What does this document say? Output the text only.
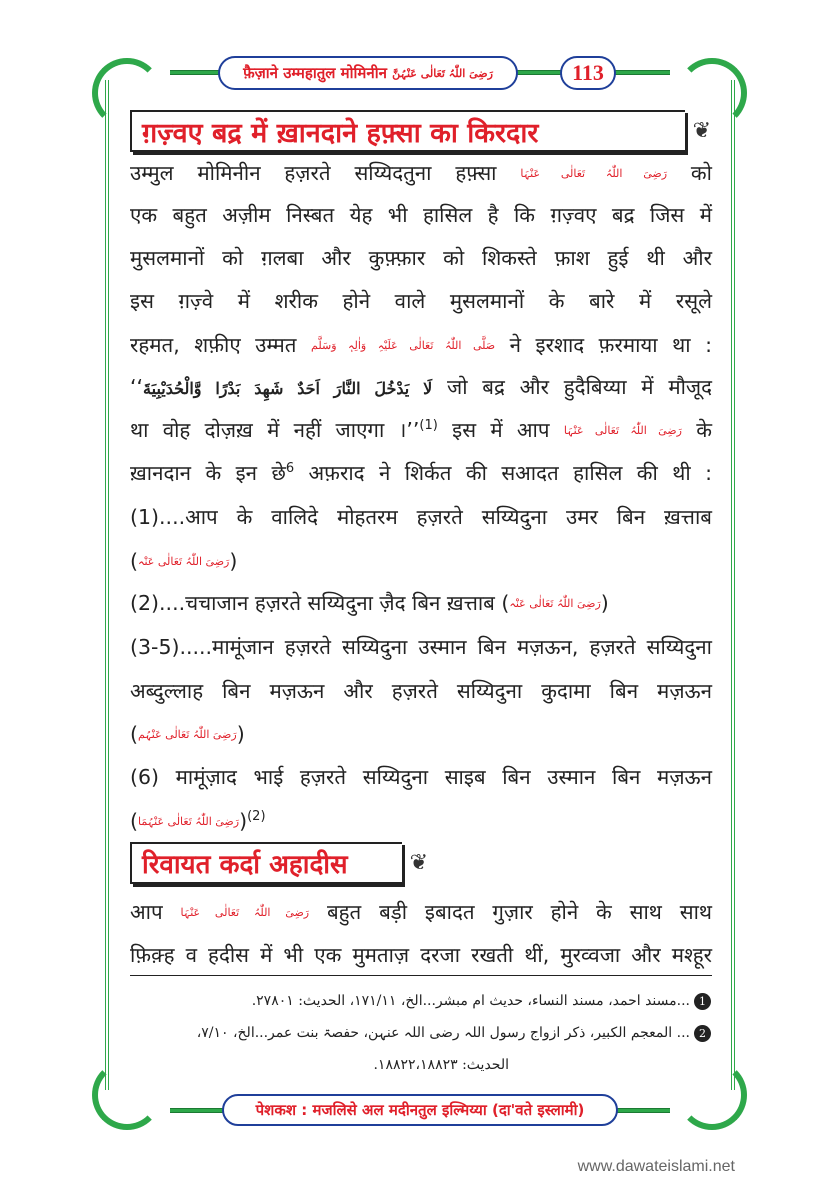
फ़ैज़ाने उम्महातुल मोमिनीन
رَضِیَ اللّٰہُ تَعَالٰی عَنْہُنَّ	113
ग़ज़्वए बद्र में ख़ानदाने हफ़्सा का किरदार	❦
उम्मुल मोमिनीन हज़रते सय्यिदतुना हफ़्सा رَضِیَ اللّٰہُ تَعَالٰی عَنْہَا को
एक बहुत अज़ीम निस्बत येह भी हासिल है कि ग़ज़्वए बद्र जिस में
मुसलमानों को ग़लबा और कुफ़्फ़ार को शिकस्ते फ़ाश हुई थी और
इस ग़ज़्वे में शरीक होने वाले मुसलमानों के बारे में रसूले
रहमत, शफ़ीए उम्मत صَلَّی اللّٰہُ تَعَالٰی عَلَیْہِ وَاٰلِہٖ وَسَلَّم ने इरशाद फ़रमाया था :
‘‘لَا يَدْخُلَ النَّارَ اَحَدٌ شَهِدَ بَدْرًا وَّالْحُدَيْبِيَةَ जो बद्र और हुदैबिय्या में मौजूद
था वोह दोज़ख़ में नहीं जाएगा ।’’$^{(1)}$ इस में आप رَضِیَ اللّٰہُ تَعَالٰی عَنْہَا के
ख़ानदान के इन छे$^6$ अफ़राद ने शिर्कत की सआदत हासिल की थी :
(1)....आप के वालिदे मोहतरम हज़रते सय्यिदुना उमर बिन ख़त्ताब
(رَضِیَ اللّٰہُ تَعَالٰی عَنْہ)
(2)....चचाजान हज़रते सय्यिदुना ज़ैद बिन ख़त्ताब (رَضِیَ اللّٰہُ تَعَالٰی عَنْہ)
(3-5).....मामूंजान हज़रते सय्यिदुना उस्मान बिन मज़ऊन, हज़रते सय्यिदुना
अब्दुल्लाह बिन मज़ऊन और हज़रते सय्यिदुना कुदामा बिन मज़ऊन
(رَضِیَ اللّٰہُ تَعَالٰی عَنْہُم)
(6) मामूंज़ाद भाई हज़रते सय्यिदुना साइब बिन उस्मान बिन मज़ऊन
(رَضِیَ اللّٰہُ تَعَالٰی عَنْہُمَا)$^{(2)}$
आप رَضِیَ اللّٰہُ تَعَالٰی عَنْہَا बहुत बड़ी इबादत गुज़ार होने के साथ साथ
फ़िक़्ह व हदीस में भी एक मुमताज़ दरजा रखती थीं, मुरव्वजा और मश्हूर
रिवायत कर्दा अहादीस	❦
1...مسند احمد، مسند النساء، حدیث ام مبشر...الخ، ۱۷۱/۱۱، الحدیث: ۲۷۸۰۱.
2... المعجم الکبیر، ذکر ازواج رسول اللہ رضی اللہ عنہن، حفصۃ بنت عمر...الخ، ۷/۱۰،
الحدیث: ۱۸۸۲۲،۱۸۸۲۳.
पेशकश : मजलिसे अल मदीनतुल इल्मिय्या (दा'वते इस्लामी)
www.dawateislami.net
